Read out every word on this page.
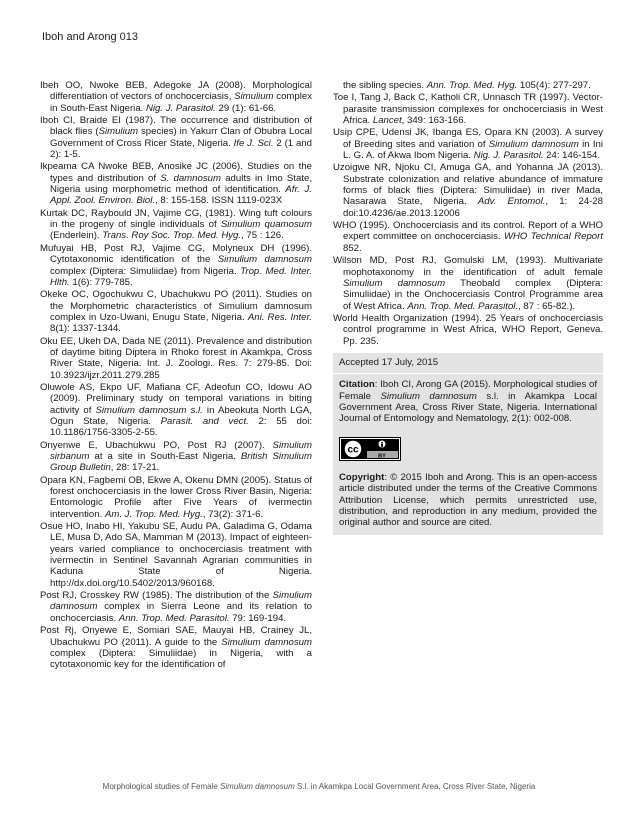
Iboh and Arong 013

Ibeh OO, Nwoke BEB, Adegoke JA (2008). Morphological differentiation of vectors of onchocerciasis, Simulium complex in South-East Nigeria. Nig. J. Parasitol. 29 (1): 61-66.

Iboh CI, Braide EI (1987). The occurrence and distribution of black flies (Simulium species) in Yakurr Clan of Obubra Local Government of Cross Ricer State, Nigeria. Ife J. Sci. 2 (1 and 2): 1-5.

Ikpeama CA Nwoke BEB, Anosike JC (2006). Studies on the types and distribution of S. damnosum adults in Imo State, Nigeria using morphometric method of identification. Afr. J. Appl. Zool. Environ. Biol., 8: 155-158. ISSN 1119-023X

Kurtak DC, Raybould JN, Vajime CG, (1981). Wing tuft colours in the progeny of single individuals of Simulium quamosum (Enderlein). Trans. Roy Soc. Trop. Med. Hyg., 75 : 126.

Mufuyai HB, Post RJ, Vajime CG, Molyneux DH (1996). Cytotaxonomic identification of the Simulium damnosum complex (Diptera: Simuliidae) from Nigeria. Trop. Med. Inter. Hlth. 1(6): 779-785.

Okeke OC, Ogochukwu C, Ubachukwu PO (2011). Studies on the Morphometric characteristics of Simulium damnosum complex in Uzo-Uwani, Enugu State, Nigeria. Ani. Res. Inter. 8(1): 1337-1344.

Oku EE, Ukeh DA, Dada NE (2011). Prevalence and distribution of daytime biting Diptera in Rhoko forest in Akamkpa, Cross River State, Nigeria. Int. J. Zoologi. Res. 7: 279-85. Doi: 10.3923/ijzr.2011.279.285

Oluwole AS, Ekpo UF, Mafiana CF, Adeofun CO, Idowu AO (2009). Preliminary study on temporal variations in biting activity of Simulium damnosum s.l. in Abeokuta North LGA, Ogun State, Nigeria. Parasit. and vect. 2: 55 doi: 10.1186/1756-3305-2-55.

Onyenwe E, Ubachukwu PO, Post RJ (2007). Simulium sirbanum at a site in South-East Nigeria. British Simulium Group Bulletin, 28: 17-21.

Opara KN, Fagbemi OB, Ekwe A, Okenu DMN (2005). Status of forest onchocerciasis in the lower Cross River Basin, Nigeria: Entomologic Profile after Five Years of ivermectin intervention. Am. J. Trop. Med. Hyg., 73(2): 371-6.

Osue HO, Inabo HI, Yakubu SE, Audu PA, Galadima G, Odama LE, Musa D, Ado SA, Mamman M (2013). Impact of eighteen-years varied compliance to onchocerciasis treatment with ivermectin in Sentinel Savannah Agrarian communities in Kaduna State of Nigeria. http://dx.doi.org/10.5402/2013/960168.

Post RJ, Crosskey RW (1985). The distribution of the Simulium damnosum complex in Sierra Leone and its relation to onchocerciasis. Ann. Trop. Med. Parasitol. 79: 169-194.

Post Rj, Onyewe E, Somiari SAE, Mauyai HB, Crainey JL, Ubachukwu PO (2011). A guide to the Simulium damnosum complex (Diptera: Simuliidae) in Nigeria, with a cytotaxonomic key for the identification of

the sibling species. Ann. Trop. Med. Hyg. 105(4): 277-297.

Toe I, Tang J, Back C, Katholi CR, Unnasch TR (1997). Vector-parasite transmission complexes for onchocerciasis in West Africa. Lancet, 349: 163-166.

Usip CPE, Udensi JK, Ibanga ES, Opara KN (2003). A survey of Breeding sites and variation of Simulium damnosum in Ini L. G. A. of Akwa Ibom Nigeria. Nig. J. Parasitol. 24: 146-154.

Uzoigwe NR, Njoku CI, Amuga GA, and Yohanna JA (2013). Substrate colonization and relative abundance of immature forms of black flies (Diptera: Simuliidae) in river Mada, Nasarawa State, Nigeria. Adv. Entomol., 1: 24-28 doi:10.4236/ae.2013.12006

WHO (1995). Onchocerciasis and its control. Report of a WHO expert committee on onchocerciasis. WHO Technical Report 852.

Wilson MD, Post RJ, Gomulski LM, (1993). Multivariate mophotaxonomy in the identification of adult female Simulium damnosum Theobald complex (Diptera: Simuliidae) in the Onchocerciasis Control Programme area of West Africa. Ann. Trop. Med. Parasitol., 87 : 65-82.).

World Health Organization (1994). 25 Years of onchocerciasis control programme in West Africa, WHO Report, Geneva. Pp. 235.

Accepted 17 July, 2015
Citation: Iboh CI, Arong GA (2015). Morphological studies of Female Simulium damnosum s.l. in Akamkpa Local Government Area, Cross River State, Nigeria. International Journal of Entomology and Nematology, 2(1): 002-008.
cc
BY
Copyright: © 2015 Iboh and Arong. This is an open-access article distributed under the terms of the Creative Commons Attribution License, which permits unrestricted use, distribution, and reproduction in any medium, provided the original author and source are cited.
Morphological studies of Female Simulium damnosum S.l. in Akamkpa Local Government Area, Cross River State, Nigeria
